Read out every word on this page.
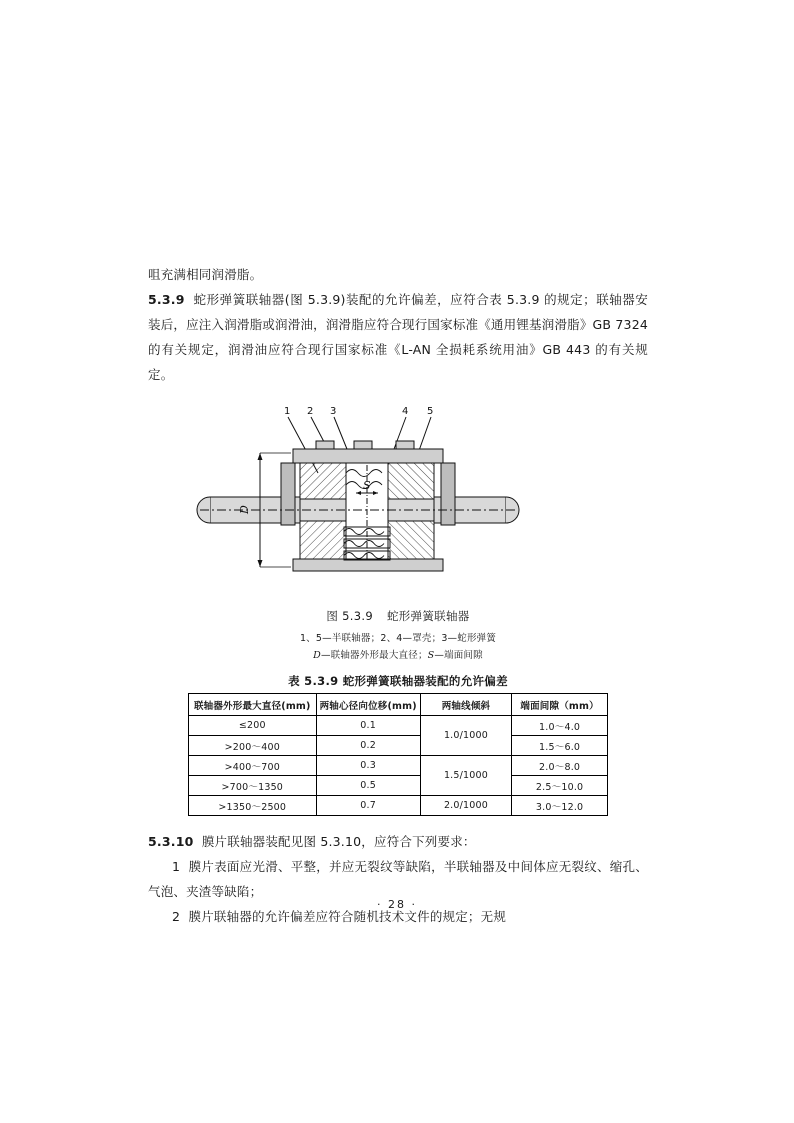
咀充满相同润滑脂。

5.3.9 蛇形弹簧联轴器(图 5.3.9)装配的允许偏差，应符合表 5.3.9 的规定；联轴器安装后，应注入润滑脂或润滑油，润滑脂应符合现行国家标准《通用锂基润滑脂》GB 7324 的有关规定，润滑油应符合现行国家标准《L-AN 全损耗系统用油》GB 443 的有关规定。

1 2 3	4 5
D
S
图 5.3.9 蛇形弹簧联轴器
1、5—半联轴器；2、4—罩壳；3—蛇形弹簧
D—联轴器外形最大直径；S—端面间隙
表 5.3.9 蛇形弹簧联轴器装配的允许偏差
联轴器外形最大直径(mm)	两轴心径向位移(mm)	两轴线倾斜	端面间隙（mm）
≤200	0.1	1.0/1000	1.0～4.0
>200～400	0.2		1.5～6.0
>400～700	0.3	1.5/1000	2.0～8.0
>700～1350	0.5		2.5～10.0
>1350～2500	0.7	2.0/1000	3.0～12.0

5.3.10 膜片联轴器装配见图 5.3.10，应符合下列要求：

1 膜片表面应光滑、平整，并应无裂纹等缺陷，半联轴器及中间体应无裂纹、缩孔、气泡、夹渣等缺陷；

2 膜片联轴器的允许偏差应符合随机技术文件的规定；无规

· 28 ·
